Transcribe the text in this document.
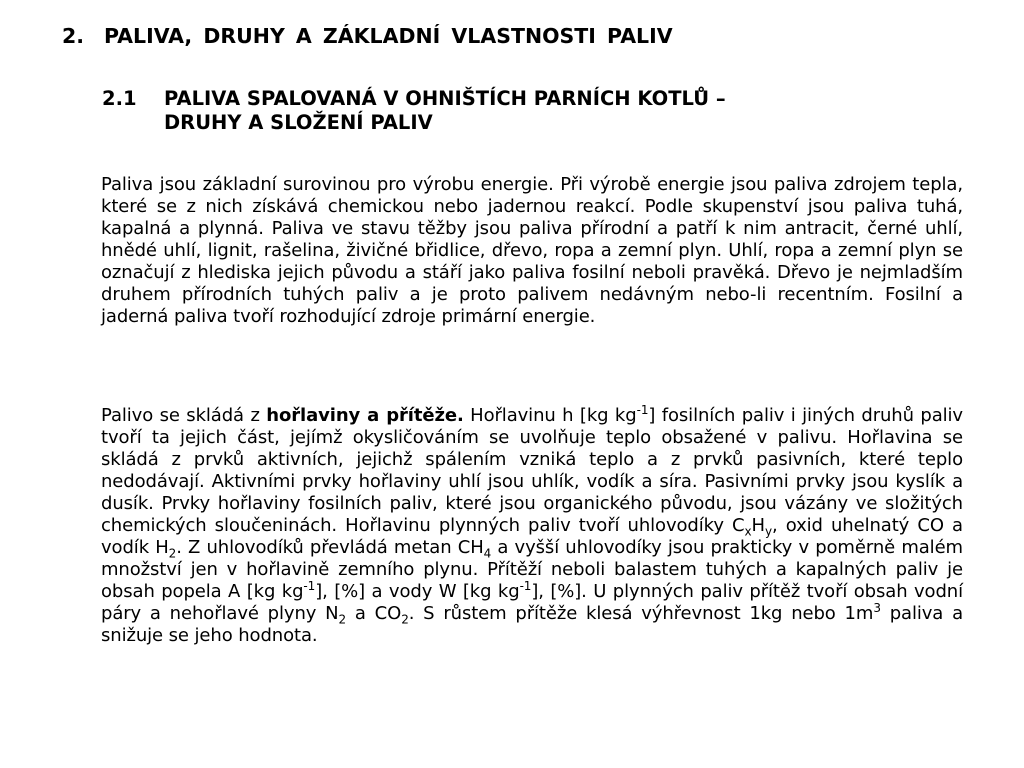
2. PALIVA, DRUHY A ZÁKLADNÍ VLASTNOSTI PALIV
2.1 PALIVA SPALOVANÁ V OHNIŠTÍCH PARNÍCH KOTLŮ –
DRUHY A SLOŽENÍ PALIV
Paliva jsou základní surovinou pro výrobu energie. Při výrobě energie jsou paliva zdrojem tepla, které se z nich získává chemickou nebo jadernou reakcí. Podle skupenství jsou paliva tuhá, kapalná a plynná. Paliva ve stavu těžby jsou paliva přírodní a patří k nim antracit, černé uhlí, hnědé uhlí, lignit, rašelina, živičné břidlice, dřevo, ropa a zemní plyn. Uhlí, ropa a zemní plyn se označují z hlediska jejich původu a stáří jako paliva fosilní neboli pravěká. Dřevo je nejmladším druhem přírodních tuhých paliv a je proto palivem nedávným nebo-li recentním. Fosilní a jaderná paliva tvoří rozhodující zdroje primární energie.
Palivo se skládá z hořlaviny a přítěže. Hořlavinu h [kg $kg^{-1}$] fosilních paliv i jiných druhů paliv tvoří ta jejich část, jejímž okysličováním se uvolňuje teplo obsažené v palivu. Hořlavina se skládá z prvků aktivních, jejichž spálením vzniká teplo a z prvků pasivních, které teplo nedodávají. Aktivními prvky hořlaviny uhlí jsou uhlík, vodík a síra. Pasivními prvky jsou kyslík a dusík. Prvky hořlaviny fosilních paliv, které jsou organického původu, jsou vázány ve složitých chemických sloučeninách. Hořlavinu plynných paliv tvoří uhlovodíky $C_xH_y$, oxid uhelnatý CO a vodík $H_2$. Z uhlovodíků převládá metan $CH_4$ a vyšší uhlovodíky jsou prakticky v poměrně malém množství jen v hořlavině zemního plynu. Přítěží neboli balastem tuhých a kapalných paliv je obsah popela A [kg $kg^{-1}$], [%] a vody W [kg $kg^{-1}$], [%]. U plynných paliv přítěž tvoří obsah vodní páry a nehořlavé plyny $N_2$ a $CO_2$. S růstem přítěže klesá výhřevnost 1kg nebo $1m^3$ paliva a snižuje se jeho hodnota.
